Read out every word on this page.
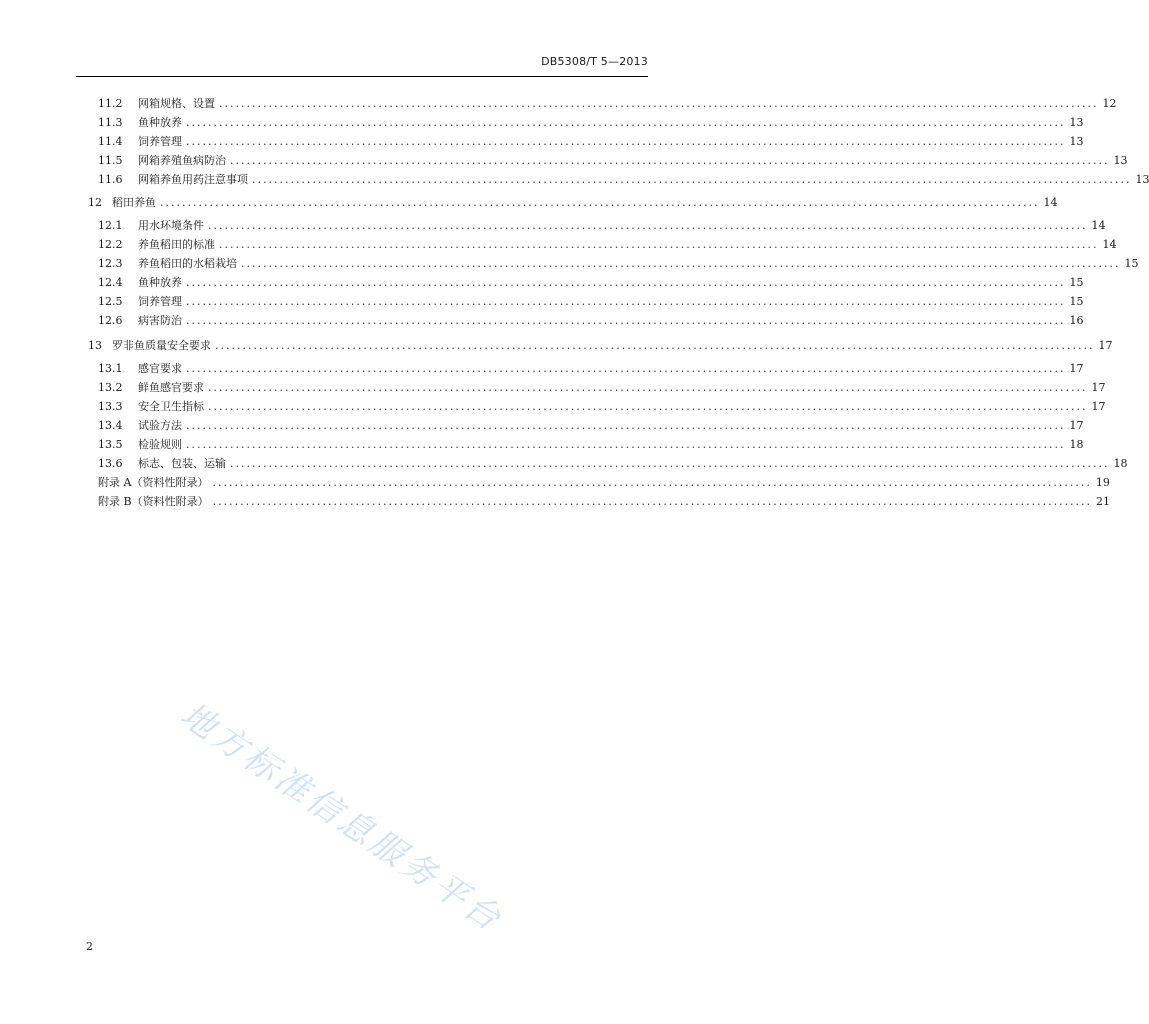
DB5308/T 5—2013
11.2	网箱规格、设置 ................................................................................................................................................................ 12
11.3	鱼种放养 ................................................................................................................................................................ 13
11.4	饲养管理 ................................................................................................................................................................ 13
11.5	网箱养殖鱼病防治 ................................................................................................................................................................ 13
11.6	网箱养鱼用药注意事项 ................................................................................................................................................................ 13
12 稻田养鱼 ................................................................................................................................................................ 14
12.1	用水环境条件 ................................................................................................................................................................ 14
12.2	养鱼稻田的标准 ................................................................................................................................................................ 14
12.3	养鱼稻田的水稻栽培 ................................................................................................................................................................ 15
12.4	鱼种放养 ................................................................................................................................................................ 15
12.5	饲养管理 ................................................................................................................................................................ 15
12.6	病害防治 ................................................................................................................................................................ 16
13 罗非鱼质量安全要求 ................................................................................................................................................................ 17
13.1	感官要求 ................................................................................................................................................................ 17
13.2	鲜鱼感官要求 ................................................................................................................................................................ 17
13.3	安全卫生指标 ................................................................................................................................................................ 17
13.4	试验方法 ................................................................................................................................................................ 17
13.5	检验规则 ................................................................................................................................................................ 18
13.6	标志、包装、运输 ................................................................................................................................................................ 18
附录 A（资料性附录） ................................................................................................................................................................ 19
附录 B（资料性附录） ................................................................................................................................................................ 21
地方标准信息服务平台
2
